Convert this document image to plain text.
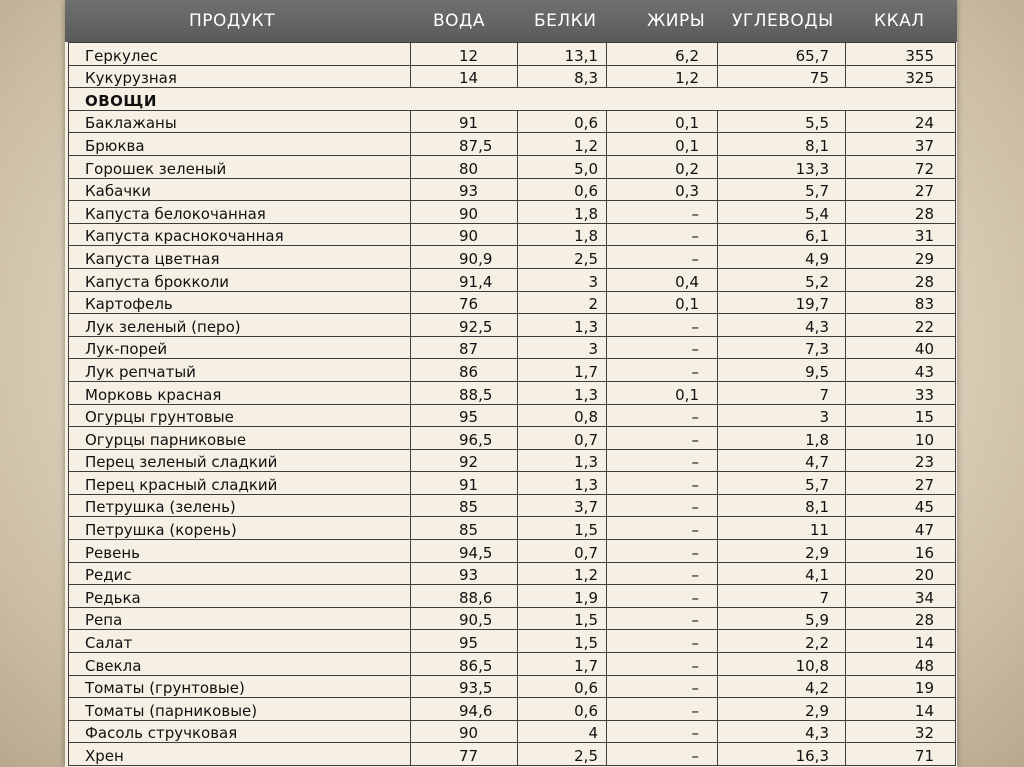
ПРОДУКТ	ВОДА	БЕЛКИ	ЖИРЫ УГЛЕВОДЫ ККАЛ
Геркулес	12	13,1	6,2	65,7	355
Кукурузная	14	8,3	1,2	75	325
ОВОЩИ					
Баклажаны	91	0,6	0,1	5,5	24
Брюква	87,5	1,2	0,1	8,1	37
Горошек зеленый	80	5,0	0,2	13,3	72
Кабачки	93	0,6	0,3	5,7	27
Капуста белокочанная	90	1,8	–	5,4	28
Капуста краснокочанная	90	1,8	–	6,1	31
Капуста цветная	90,9	2,5	–	4,9	29
Капуста броккoли	91,4	3	0,4	5,2	28
Картофель	76	2	0,1	19,7	83
Лук зеленый (перо)	92,5	1,3	–	4,3	22
Лук-порей	87	3	–	7,3	40
Лук репчатый	86	1,7	–	9,5	43
Морковь красная	88,5	1,3	0,1	7	33
Огурцы грунтовые	95	0,8	–	3	15
Огурцы парниковые	96,5	0,7	–	1,8	10
Перец зеленый сладкий	92	1,3	–	4,7	23
Перец красный сладкий	91	1,3	–	5,7	27
Петрушка (зелень)	85	3,7	–	8,1	45
Петрушка (корень)	85	1,5	–	11	47
Ревень	94,5	0,7	–	2,9	16
Редис	93	1,2	–	4,1	20
Редька	88,6	1,9	–	7	34
Репа	90,5	1,5	–	5,9	28
Салат	95	1,5	–	2,2	14
Свекла	86,5	1,7	–	10,8	48
Томаты (грунтовые)	93,5	0,6	–	4,2	19
Томаты (парниковые)	94,6	0,6	–	2,9	14
Фасоль стручковая	90	4	–	4,3	32
Хрен	77	2,5	–	16,3	71
